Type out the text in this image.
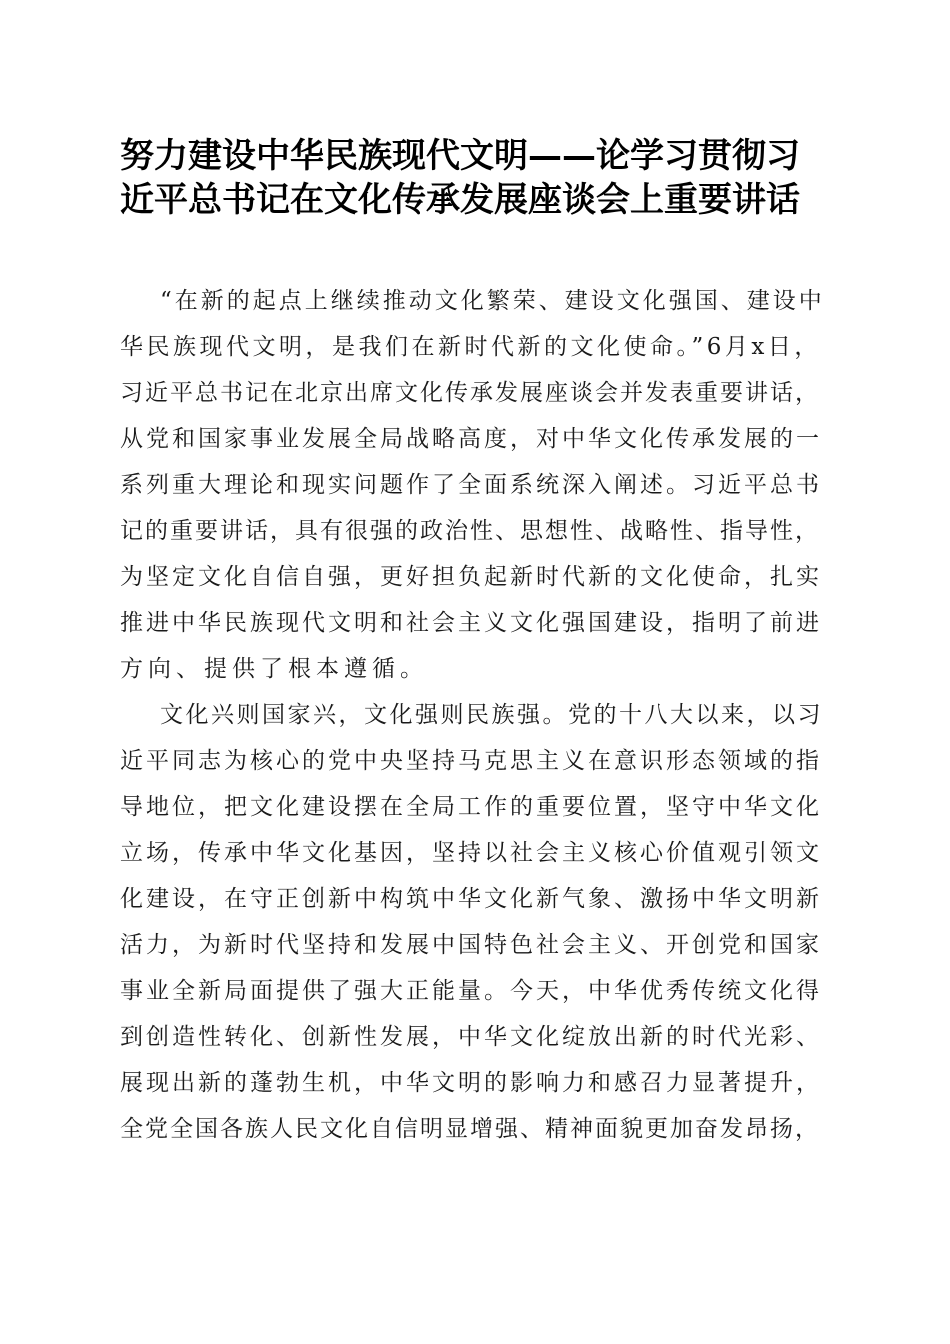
努力建设中华民族现代文明——论学习贯彻习
近平总书记在文化传承发展座谈会上重要讲话
“在新的起点上继续推动文化繁荣、建设文化强国、建设中
华民族现代文明，是我们在新时代新的文化使命。”6月x日，
习近平总书记在北京出席文化传承发展座谈会并发表重要讲话，
从党和国家事业发展全局战略高度，对中华文化传承发展的一
系列重大理论和现实问题作了全面系统深入阐述。习近平总书
记的重要讲话，具有很强的政治性、思想性、战略性、指导性，
为坚定文化自信自强，更好担负起新时代新的文化使命，扎实
推进中华民族现代文明和社会主义文化强国建设，指明了前进
方向、提供了根本遵循。
文化兴则国家兴，文化强则民族强。党的十八大以来，以习
近平同志为核心的党中央坚持马克思主义在意识形态领域的指
导地位，把文化建设摆在全局工作的重要位置，坚守中华文化
立场，传承中华文化基因，坚持以社会主义核心价值观引领文
化建设，在守正创新中构筑中华文化新气象、激扬中华文明新
活力，为新时代坚持和发展中国特色社会主义、开创党和国家
事业全新局面提供了强大正能量。今天，中华优秀传统文化得
到创造性转化、创新性发展，中华文化绽放出新的时代光彩、
展现出新的蓬勃生机，中华文明的影响力和感召力显著提升，
全党全国各族人民文化自信明显增强、精神面貌更加奋发昂扬，
